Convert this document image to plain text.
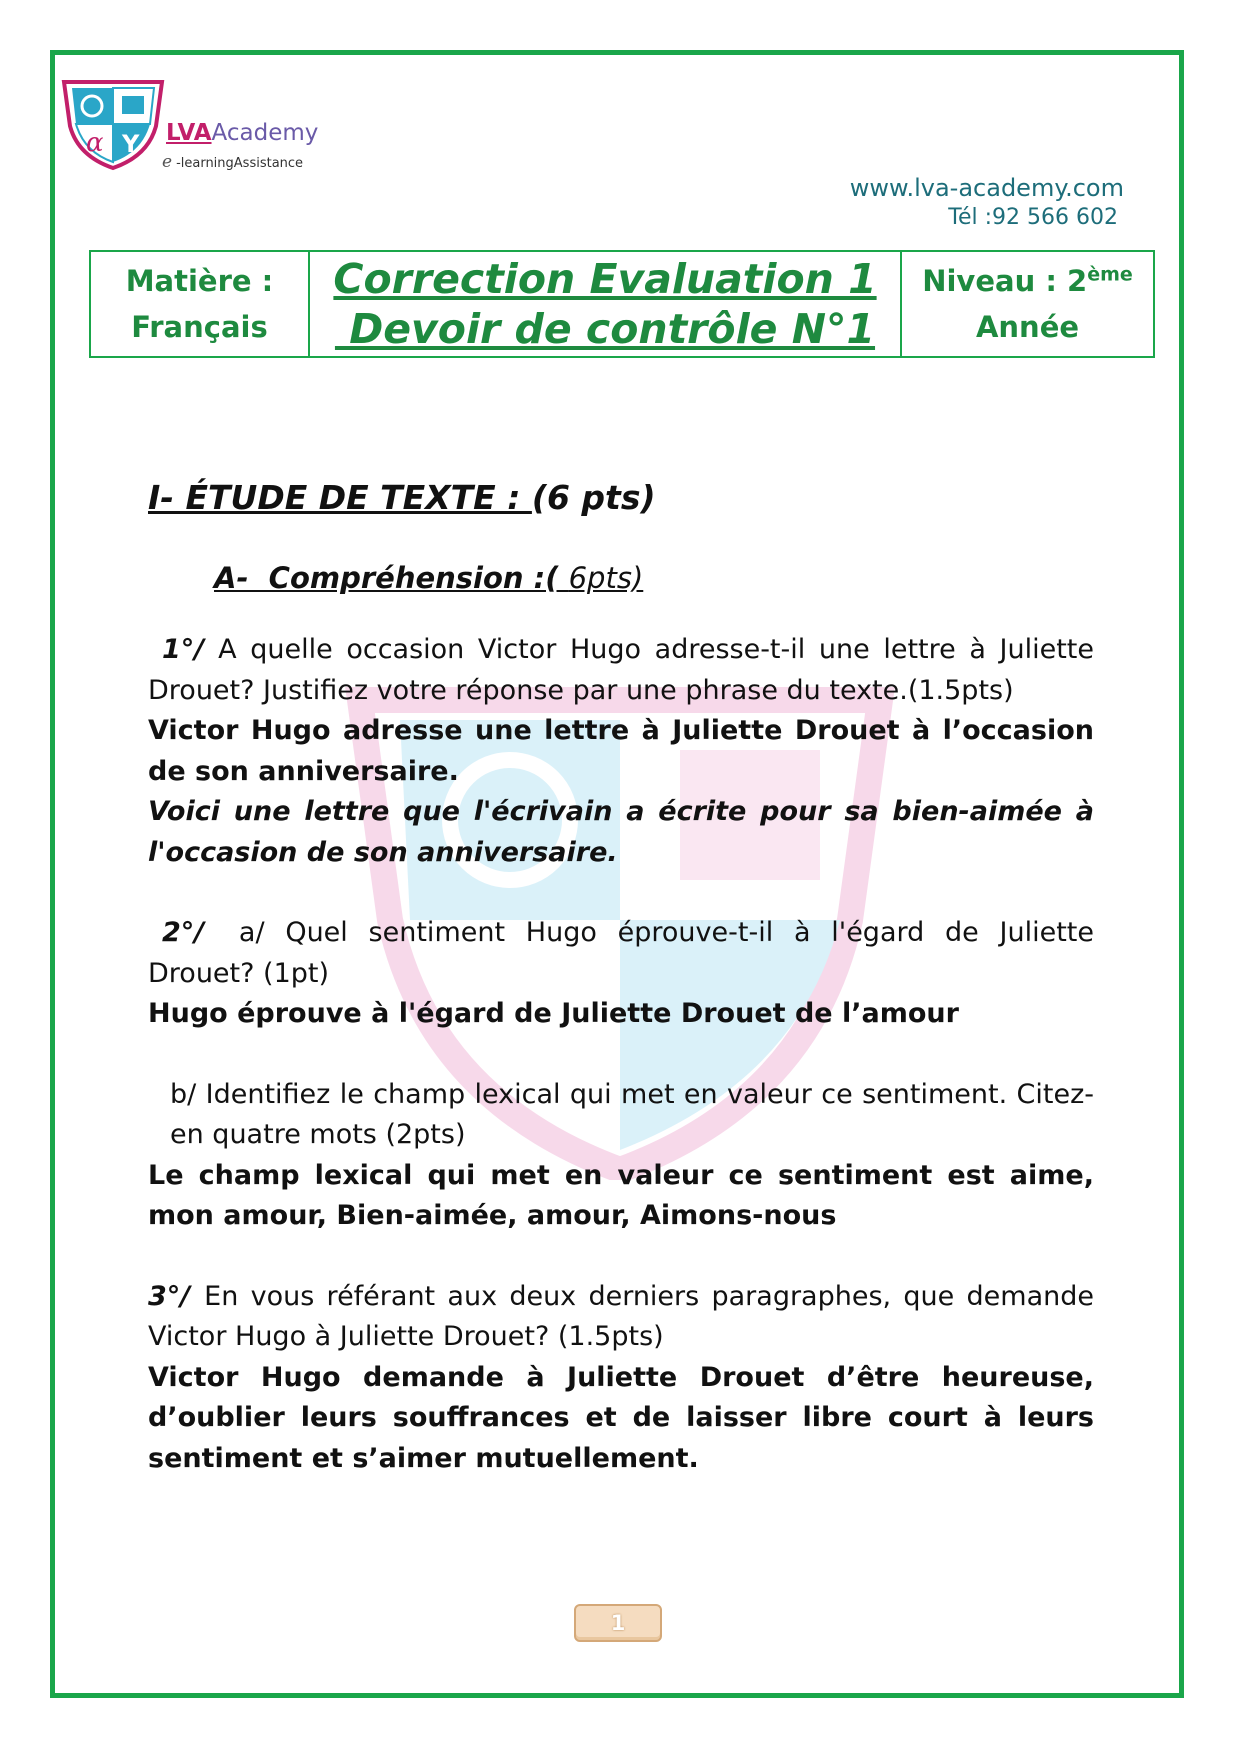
α Y LVAAcademy
e -learningAssistance
www.lva-academy.com
Tél :92 566 602
Matière :
Français
Correction Evaluation 1
Devoir de contrôle N°1
Niveau : 2ème
Année
I- ÉTUDE DE TEXTE : (6 pts)
A-  Compréhension :( 6pts)

1°/ A quelle occasion Victor Hugo adresse-t-il une lettre à Juliette Drouet? Justifiez votre réponse par une phrase du texte.(1.5pts)

Victor Hugo adresse une lettre à Juliette Drouet à l’occasion de son anniversaire.

Voici une lettre que l'écrivain a écrite pour sa bien-aimée à l'occasion de son anniversaire.

2°/ a/ Quel sentiment Hugo éprouve-t-il à l'égard de Juliette Drouet? (1pt)

Hugo éprouve à l'égard de Juliette Drouet de l’amour

b/ Identifiez le champ lexical qui met en valeur ce sentiment. Citez-en quatre mots (2pts)

Le champ lexical qui met en valeur ce sentiment est aime, mon amour, Bien-aimée, amour, Aimons-nous

3°/ En vous référant aux deux derniers paragraphes, que demande Victor Hugo à Juliette Drouet? (1.5pts)

Victor Hugo demande à Juliette Drouet d’être heureuse, d’oublier leurs souffrances et de laisser libre court à leurs sentiment et s’aimer mutuellement.

1
